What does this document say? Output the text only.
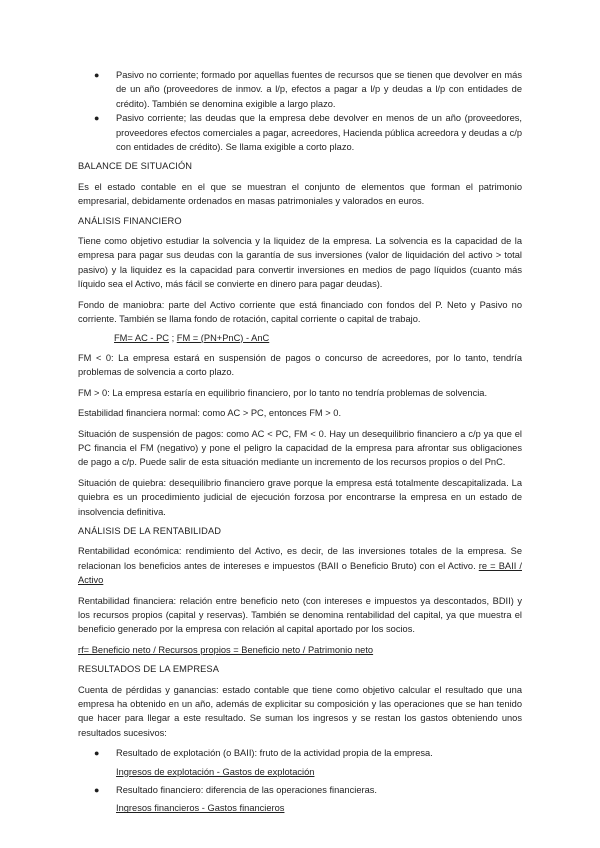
● Pasivo no corriente; formado por aquellas fuentes de recursos que se tienen que devolver en más de un año (proveedores de inmov. a l/p, efectos a pagar a l/p y deudas a l/p con entidades de crédito). También se denomina exigible a largo plazo.
● Pasivo corriente; las deudas que la empresa debe devolver en menos de un año (proveedores, proveedores efectos comerciales a pagar, acreedores, Hacienda pública acreedora y deudas a c/p con entidades de crédito). Se llama exigible a corto plazo.

BALANCE DE SITUACIÓN

Es el estado contable en el que se muestran el conjunto de elementos que forman el patrimonio empresarial, debidamente ordenados en masas patrimoniales y valorados en euros.

ANÁLISIS FINANCIERO

Tiene como objetivo estudiar la solvencia y la liquidez de la empresa. La solvencia es la capacidad de la empresa para pagar sus deudas con la garantía de sus inversiones (valor de liquidación del activo > total pasivo) y la liquidez es la capacidad para convertir inversiones en medios de pago líquidos (cuanto más líquido sea el Activo, más fácil se convierte en dinero para pagar deudas).

Fondo de maniobra: parte del Activo corriente que está financiado con fondos del P. Neto y Pasivo no corriente. También se llama fondo de rotación, capital corriente o capital de trabajo.

FM= AC - PC ; FM = (PN+PnC) - AnC

FM < 0: La empresa estará en suspensión de pagos o concurso de acreedores, por lo tanto, tendría problemas de solvencia a corto plazo.

FM > 0: La empresa estaría en equilibrio financiero, por lo tanto no tendría problemas de solvencia.

Estabilidad financiera normal: como AC > PC, entonces FM > 0.

Situación de suspensión de pagos: como AC < PC, FM < 0. Hay un desequilibrio financiero a c/p ya que el PC financia el FM (negativo) y pone el peligro la capacidad de la empresa para afrontar sus obligaciones de pago a c/p. Puede salir de esta situación mediante un incremento de los recursos propios o del PnC.

Situación de quiebra: desequilibrio financiero grave porque la empresa está totalmente descapitalizada. La quiebra es un procedimiento judicial de ejecución forzosa por encontrarse la empresa en un estado de insolvencia definitiva.

ANÁLISIS DE LA RENTABILIDAD

Rentabilidad económica: rendimiento del Activo, es decir, de las inversiones totales de la empresa. Se relacionan los beneficios antes de intereses e impuestos (BAII o Beneficio Bruto) con el Activo. re = BAII / Activo

Rentabilidad financiera: relación entre beneficio neto (con intereses e impuestos ya descontados, BDII) y los recursos propios (capital y reservas). También se denomina rentabilidad del capital, ya que muestra el beneficio generado por la empresa con relación al capital aportado por los socios.

rf= Beneficio neto / Recursos propios = Beneficio neto / Patrimonio neto

RESULTADOS DE LA EMPRESA

Cuenta de pérdidas y ganancias: estado contable que tiene como objetivo calcular el resultado que una empresa ha obtenido en un año, además de explicitar su composición y las operaciones que se han tenido que hacer para llegar a este resultado. Se suman los ingresos y se restan los gastos obteniendo unos resultados sucesivos:

● Resultado de explotación (o BAII): fruto de la actividad propia de la empresa.

Ingresos de explotación - Gastos de explotación

● Resultado financiero: diferencia de las operaciones financieras.

Ingresos financieros - Gastos financieros
